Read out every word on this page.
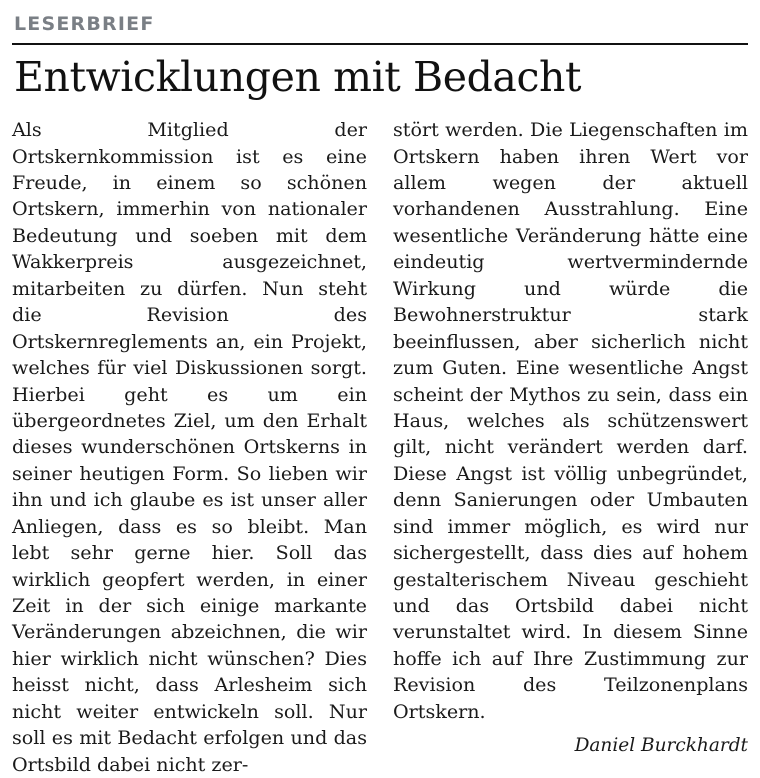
LESERBRIEF
Entwicklungen mit Bedacht

Als Mitglied der Ortskernkommission ist es eine Freude, in einem so schönen Ortskern, immerhin von nationaler Bedeutung und soeben mit dem Wakkerpreis ausgezeichnet, mitarbeiten zu dürfen. Nun steht die Revision des Ortskernreglements an, ein Projekt, welches für viel Diskussionen sorgt. Hierbei geht es um ein übergeordnetes Ziel, um den Erhalt dieses wunderschönen Ortskerns in seiner heutigen Form. So lieben wir ihn und ich glaube es ist unser aller Anliegen, dass es so bleibt. Man lebt sehr gerne hier. Soll das wirklich geopfert werden, in einer Zeit in der sich einige markante Veränderungen abzeichnen, die wir hier wirklich nicht wünschen? Dies heisst nicht, dass Arlesheim sich nicht weiter entwickeln soll. Nur soll es mit Bedacht erfolgen und das Ortsbild dabei nicht zer-

stört werden. Die Liegenschaften im Ortskern haben ihren Wert vor allem wegen der aktuell vorhandenen Ausstrahlung. Eine wesentliche Veränderung hätte eine eindeutig wertvermindernde Wirkung und würde die Bewohnerstruktur stark beeinflussen, aber sicherlich nicht zum Guten. Eine wesentliche Angst scheint der Mythos zu sein, dass ein Haus, welches als schützenswert gilt, nicht verändert werden darf. Diese Angst ist völlig unbegründet, denn Sanierungen oder Umbauten sind immer möglich, es wird nur sichergestellt, dass dies auf hohem gestalterischem Niveau geschieht und das Ortsbild dabei nicht verunstaltet wird. In diesem Sinne hoffe ich auf Ihre Zustimmung zur Revision des Teilzonenplans Ortskern.

Daniel Burckhardt
